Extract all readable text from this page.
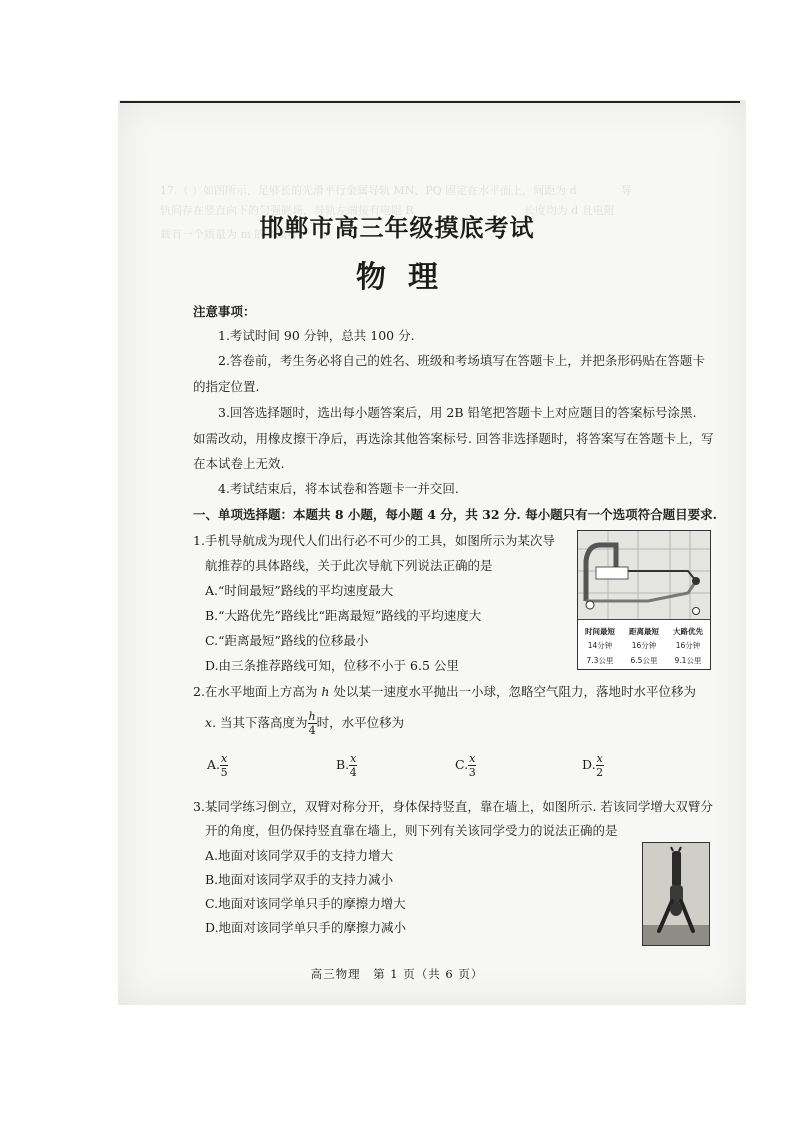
17.（ ）如图所示，足够长的光滑平行金属导轨 MN、PQ 固定在水平面上，间距为 d　　　　导
轨间存在竖直向下的匀强磁场，导轨左端接有电阻 R　　　　　　　　　　长度均为 d 且电阻
载有一个质量为 m 的金属棒
邯郸市高三年级摸底考试
物理
注意事项：
1.考试时间 90 分钟，总共 100 分.
2.答卷前，考生务必将自己的姓名、班级和考场填写在答题卡上，并把条形码贴在答题卡
的指定位置.
3.回答选择题时，选出每小题答案后，用 2B 铅笔把答题卡上对应题目的答案标号涂黑.
如需改动，用橡皮擦干净后，再选涂其他答案标号. 回答非选择题时，将答案写在答题卡上，写
在本试卷上无效.
4.考试结束后，将本试卷和答题卡一并交回.
一、单项选择题：本题共 8 小题，每小题 4 分，共 32 分. 每小题只有一个选项符合题目要求.
1.手机导航成为现代人们出行必不可少的工具，如图所示为某次导
航推荐的具体路线，关于此次导航下列说法正确的是
A.“时间最短”路线的平均速度最大
B.“大路优先”路线比“距离最短”路线的平均速度大
C.“距离最短”路线的位移最小
D.由三条推荐路线可知，位移不小于 6.5 公里
时间最短	距离最短	大路优先
14分钟	16分钟	16分钟
7.3公里	6.5公里	9.1公里
2.在水平地面上方高为 h 处以某一速度水平抛出一小球，忽略空气阻力，落地时水平位移为
x. 当其下落高度为 $\frac{h}{4}$ 时，水平位移为
A. $\frac{x}{5}$	B. $\frac{x}{4}$	C. $\frac{x}{3}$	D. $\frac{x}{2}$
3.某同学练习倒立，双臂对称分开，身体保持竖直，靠在墙上，如图所示. 若该同学增大双臂分
开的角度，但仍保持竖直靠在墙上，则下列有关该同学受力的说法正确的是
A.地面对该同学双手的支持力增大
B.地面对该同学双手的支持力减小
C.地面对该同学单只手的摩擦力增大
D.地面对该同学单只手的摩擦力减小
高三物理　第 1 页（共 6 页）
